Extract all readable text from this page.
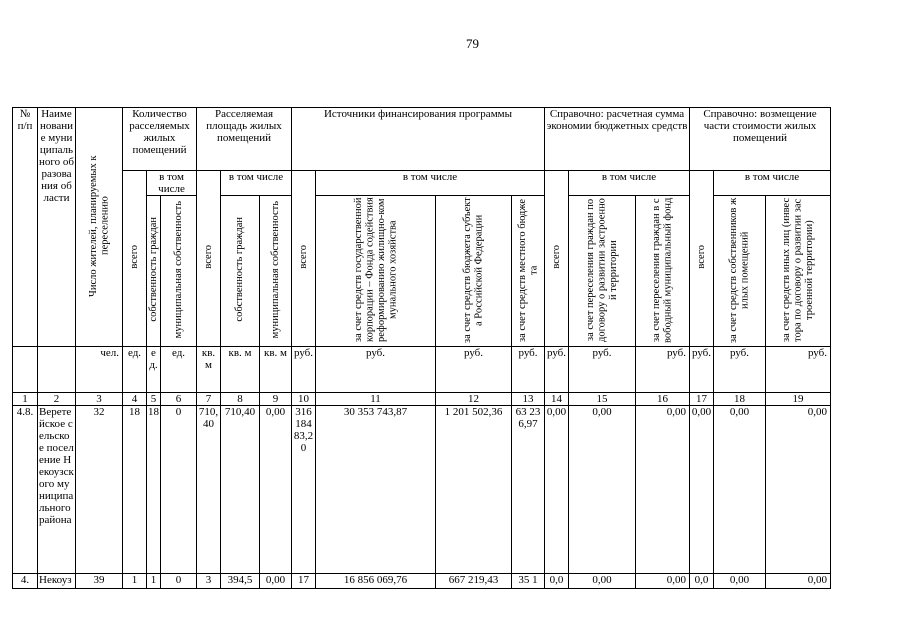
79
№ п/п	Наименование муниципального образования области	Число жителей, планируемых к переселению	Количество расселяемых жилых помещений			Расселяемая площадь жилых помещений			Источники финансирования программы				Справочно: расчетная сумма экономии бюджетных средств			Справочно: возмещение части стоимости жилых помещений		
			всего	в том числе		всего	в том числе		всего	в том числе			всего	в том числе		всего	в том числе	
				собственность граждан	муниципальная собственность		собственность граждан	муниципальная собственность		за счет средств государственной корпорации – Фонда содействия реформированию жилищно-коммунального хозяйства	за счет средств бюджета субъекта Российской Федерации	за счет средств местного бюджета		за счет переселения граждан по договору о развитии застроенной территории	за счет переселения граждан в свободный муниципальный фонд		за счет средств собственников жилых помещений	за счет средств иных лиц (инвестора по договору о развитии застроенной территории)
		чел.	ед.	ед.	ед.	кв. м	кв. м	кв. м	руб.	руб.	руб.	руб.	руб.	руб.	руб.	руб.	руб.	руб.
1	2	3	4	5	6	7	8	9	10	11	12	13	14	15	16	17	18	19
4.8.	Веретейское сельское поселение Некоузского муниципального района	32	18	18	0	710,40	710,40	0,00	31618483,20	30 353 743,87	1 201 502,36	63 236,97	0,00	0,00	0,00	0,00	0,00	0,00
4.	Некоуз	39	1	1	0	3	394,5	0,00	17	16 856 069,76	667 219,43	35 1	0,0	0,00	0,00	0,0	0,00	0,00
